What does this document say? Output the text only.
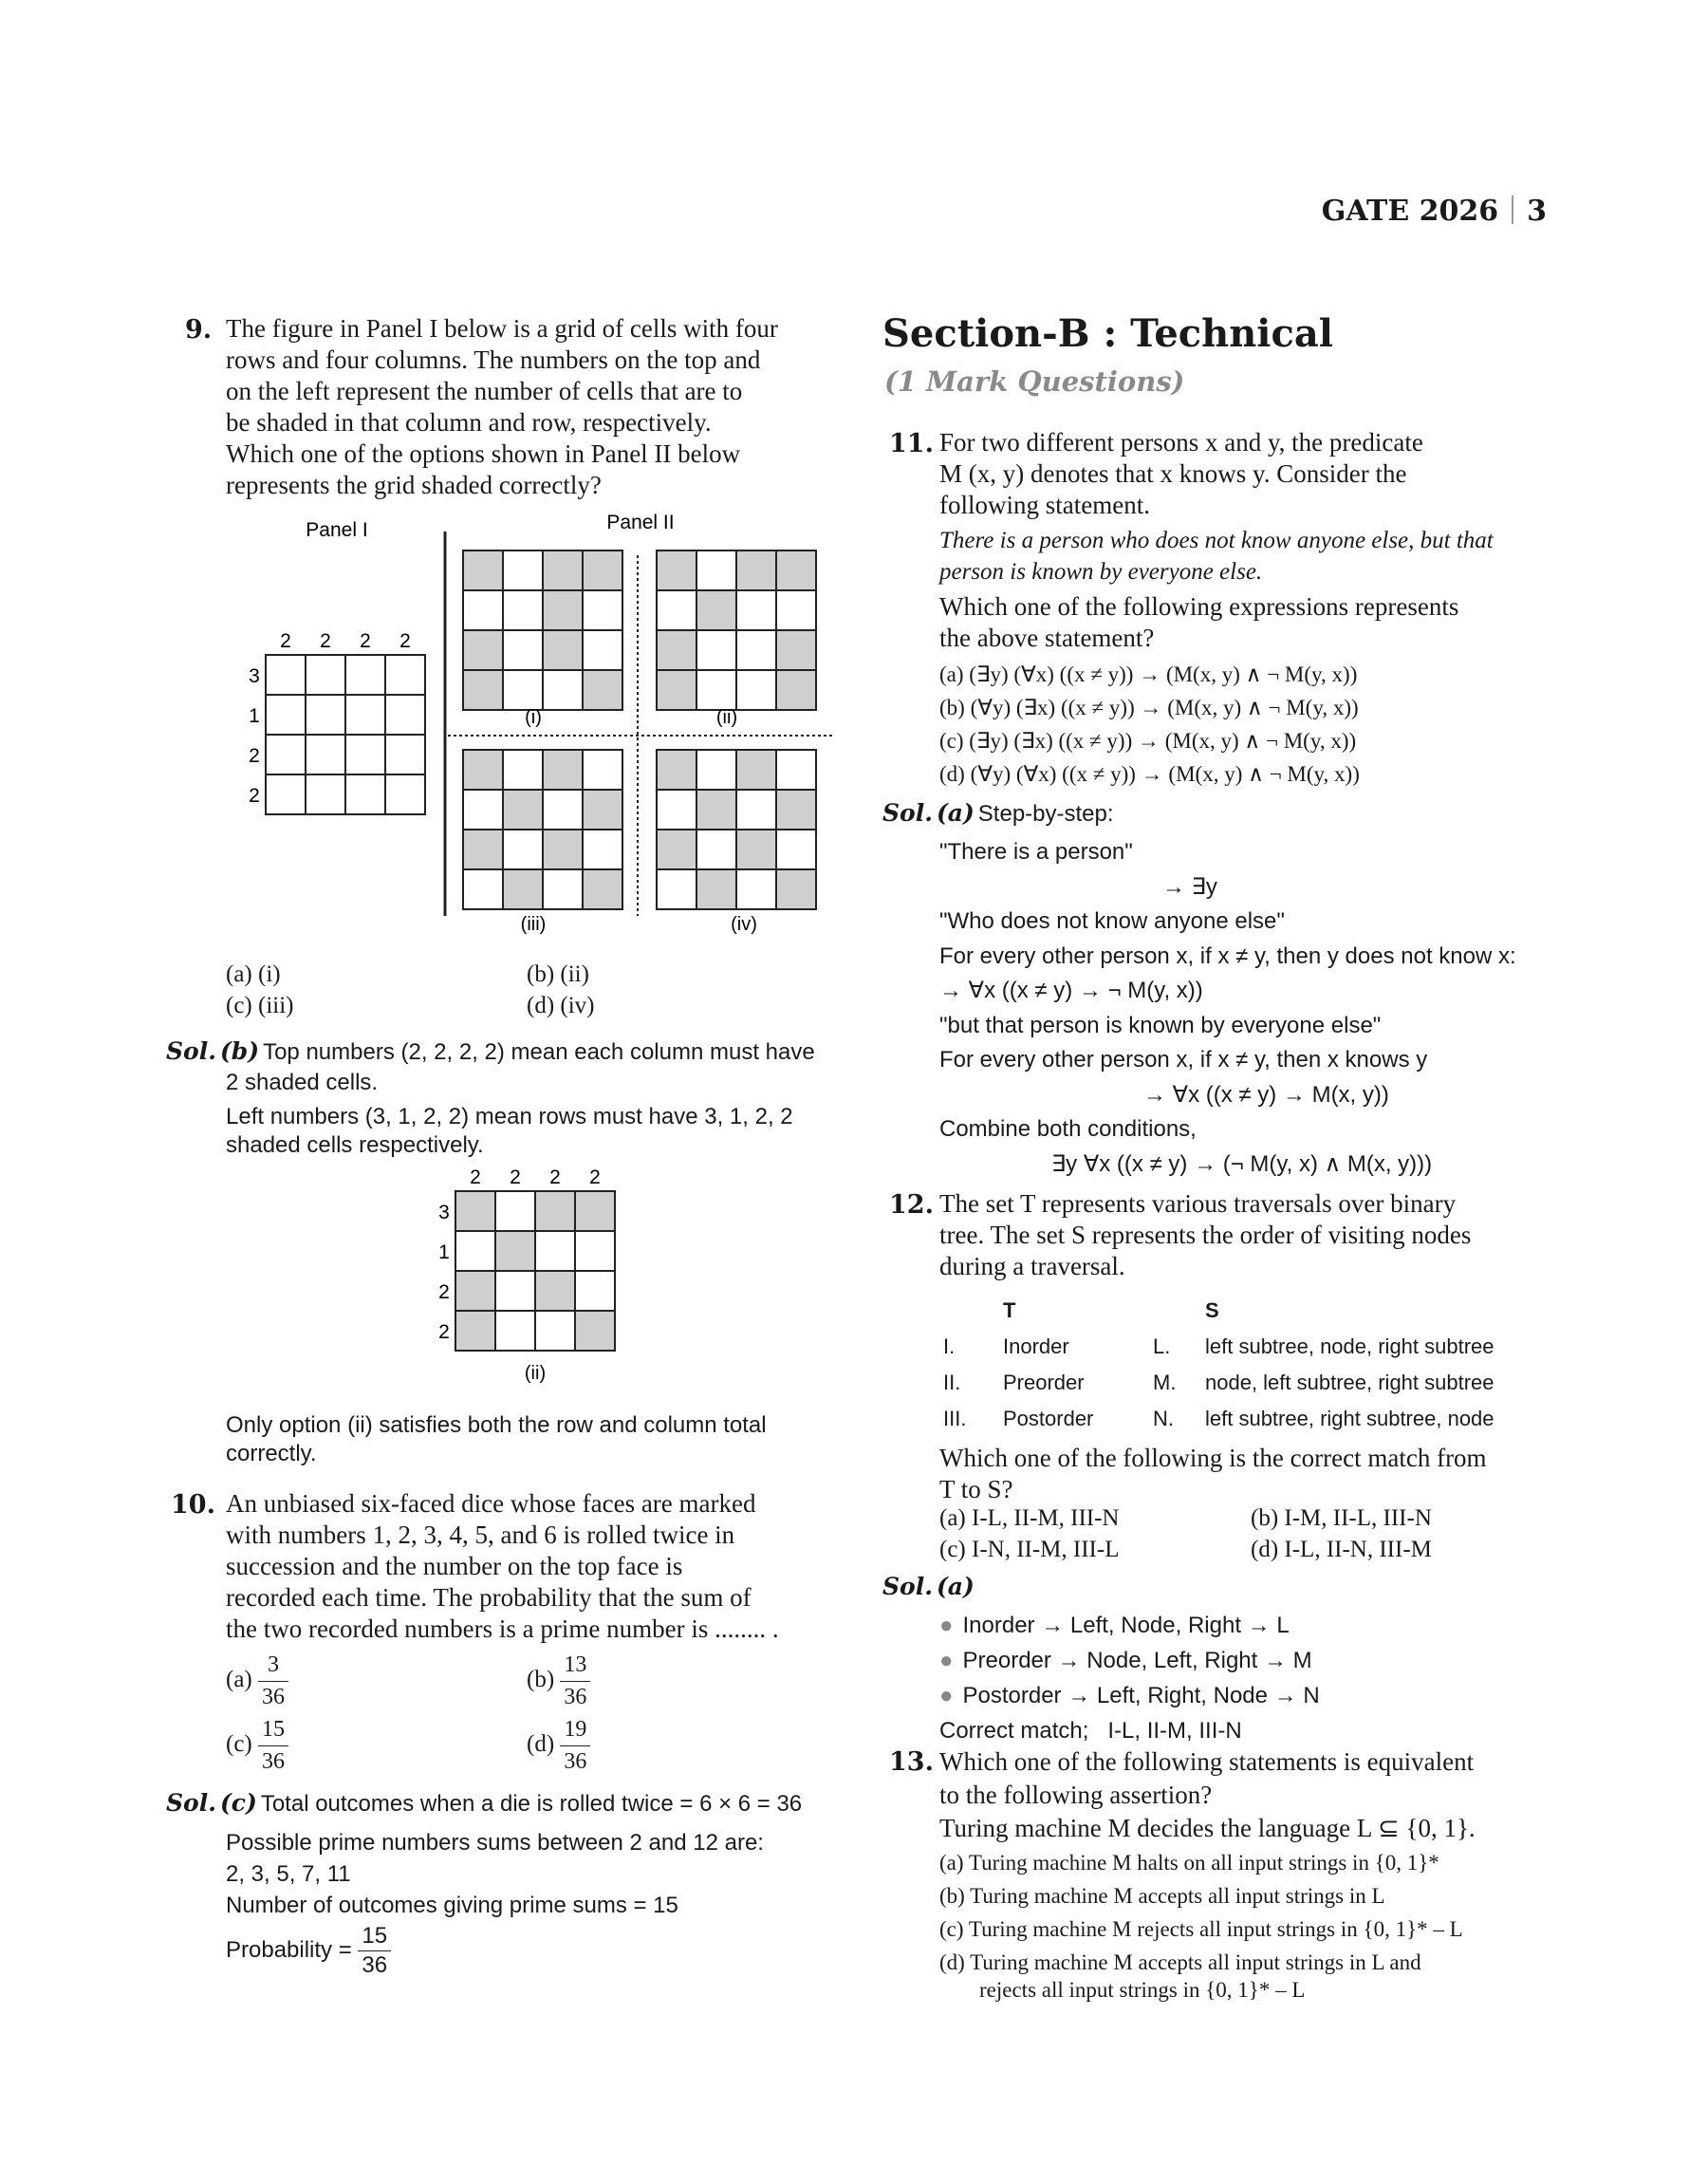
GATE 2026 3
9. The figure in Panel I below is a grid of cells with four
rows and four columns. The numbers on the top and
on the left represent the number of cells that are to
be shaded in that column and row, respectively.
Which one of the options shown in Panel II below
represents the grid shaded correctly?
Panel I	Panel II
2 2 2 2
3
1
2
2
(i)	(ii)
(iii)	(iv)
(a) (i)	(b) (ii)
(c) (iii)	(d) (iv)
Sol. (b) Top numbers (2, 2, 2, 2) mean each column must have
2 shaded cells.
Left numbers (3, 1, 2, 2) mean rows must have 3, 1, 2, 2
shaded cells respectively.
2 2 2 2
3
1
2
2
(ii)
Only option (ii) satisfies both the row and column total
correctly.
10. An unbiased six-faced dice whose faces are marked
with numbers 1, 2, 3, 4, 5, and 6 is rolled twice in
succession and the number on the top face is
recorded each time. The probability that the sum of
the two recorded numbers is a prime number is ........ .
$(a) \frac{3}{36}$	$(b) \frac{13}{36}$
$(c) \frac{15}{36}$	$(d) \frac{19}{36}$
Sol. (c) Total outcomes when a die is rolled twice = 6 × 6 = 36
Possible prime numbers sums between 2 and 12 are:
2, 3, 5, 7, 11
Number of outcomes giving prime sums = 15
Probability = $\frac{15}{36}$
Section-B : Technical
(1 Mark Questions)
11. For two different persons x and y, the predicate
M (x, y) denotes that x knows y. Consider the
following statement.
There is a person who does not know anyone else, but that
person is known by everyone else.
Which one of the following expressions represents
the above statement?
(a) (∃y) (∀x) ((x ≠ y)) → (M(x, y) ∧ ¬ M(y, x))
(b) (∀y) (∃x) ((x ≠ y)) → (M(x, y) ∧ ¬ M(y, x))
(c) (∃y) (∃x) ((x ≠ y)) → (M(x, y) ∧ ¬ M(y, x))
(d) (∀y) (∀x) ((x ≠ y)) → (M(x, y) ∧ ¬ M(y, x))
Sol. (a) Step-by-step:
"There is a person"
→ ∃y
"Who does not know anyone else"
For every other person x, if x ≠ y, then y does not know x:
→ ∀x ((x ≠ y) → ¬ M(y, x))
"but that person is known by everyone else"
For every other person x, if x ≠ y, then x knows y
→ ∀x ((x ≠ y) → M(x, y))
Combine both conditions,
∃y ∀x ((x ≠ y) → (¬ M(y, x) ∧ M(x, y)))
12. The set T represents various traversals over binary
tree. The set S represents the order of visiting nodes
during a traversal.
T	S
I. Inorder	L. left subtree, node, right subtree
II. Preorder	M. node, left subtree, right subtree
III. Postorder	N. left subtree, right subtree, node
Which one of the following is the correct match from
T to S?
(a) I-L, II-M, III-N	(b) I-M, II-L, III-N
(c) I-N, II-M, III-L	(d) I-L, II-N, III-M
Sol. (a)
● Inorder → Left, Node, Right → L
● Preorder → Node, Left, Right → M
● Postorder → Left, Right, Node → N
Correct match;   I-L, II-M, III-N
13. Which one of the following statements is equivalent
to the following assertion?
Turing machine M decides the language L ⊆ {0, 1}.
(a) Turing machine M halts on all input strings in {0, 1}*
(b) Turing machine M accepts all input strings in L
(c) Turing machine M rejects all input strings in {0, 1}* – L
(d) Turing machine M accepts all input strings in L and
rejects all input strings in {0, 1}* – L
